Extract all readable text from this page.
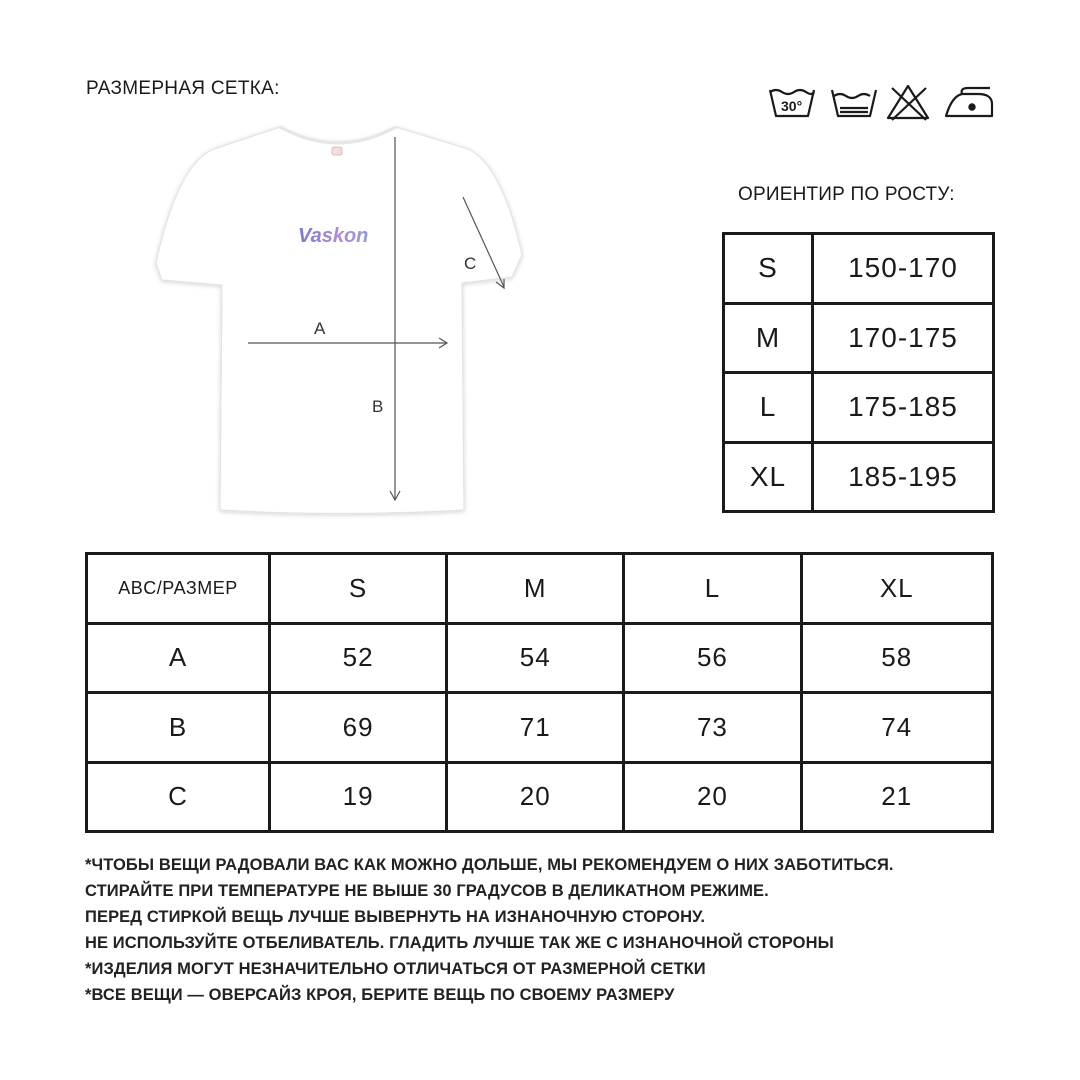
РАЗМЕРНАЯ СЕТКА:
30°
Vaskon
A
B
C
ОРИЕНТИР ПО РОСТУ:
S	150-170
M	170-175
L	175-185
XL	185-195
ABC/РАЗМЕР	S	M	L	XL
A	52	54	56	58
B	69	71	73	74
C	19	20	20	21
*ЧТОБЫ ВЕЩИ РАДОВАЛИ ВАС КАК МОЖНО ДОЛЬШЕ, МЫ РЕКОМЕНДУЕМ О НИХ ЗАБОТИТЬСЯ.
СТИРАЙТЕ ПРИ ТЕМПЕРАТУРЕ НЕ ВЫШЕ 30 ГРАДУСОВ В ДЕЛИКАТНОМ РЕЖИМЕ.
ПЕРЕД СТИРКОЙ ВЕЩЬ ЛУЧШЕ ВЫВЕРНУТЬ НА ИЗНАНОЧНУЮ СТОРОНУ.
НЕ ИСПОЛЬЗУЙТЕ ОТБЕЛИВАТЕЛЬ. ГЛАДИТЬ ЛУЧШЕ ТАК ЖЕ С ИЗНАНОЧНОЙ СТОРОНЫ
*ИЗДЕЛИЯ МОГУТ НЕЗНАЧИТЕЛЬНО ОТЛИЧАТЬСЯ ОТ РАЗМЕРНОЙ СЕТКИ
*ВСЕ ВЕЩИ — ОВЕРСАЙЗ КРОЯ, БЕРИТЕ ВЕЩЬ ПО СВОЕМУ РАЗМЕРУ
